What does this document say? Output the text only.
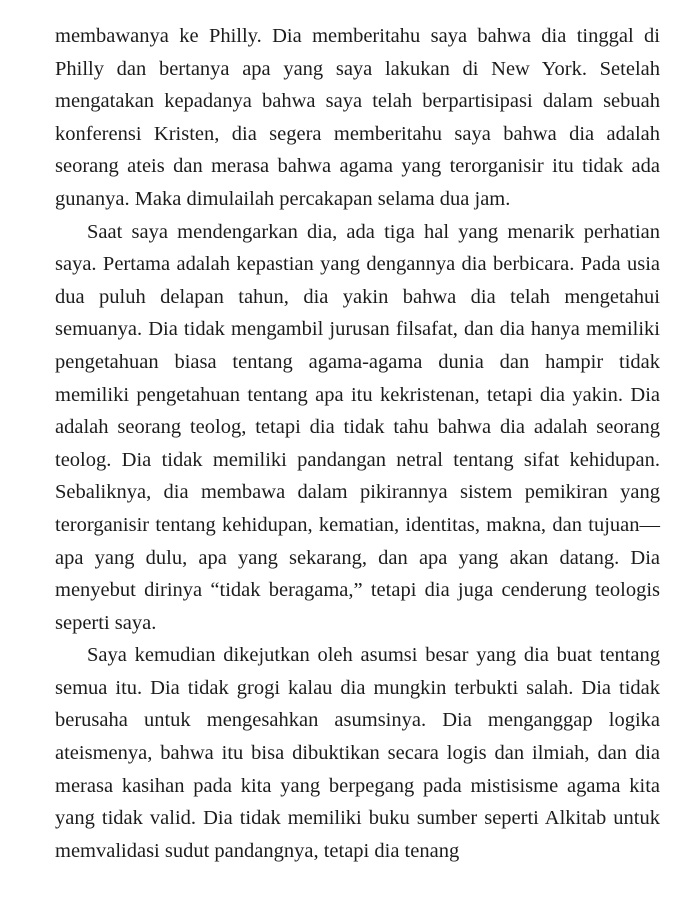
membawanya ke Philly. Dia memberitahu saya bahwa dia tinggal di Philly dan bertanya apa yang saya lakukan di New York. Setelah mengatakan kepadanya bahwa saya telah berpartisipasi dalam sebuah konferensi Kristen, dia segera memberitahu saya bahwa dia adalah seorang ateis dan merasa bahwa agama yang terorganisir itu tidak ada gunanya. Maka dimulailah percakapan selama dua jam.

Saat saya mendengarkan dia, ada tiga hal yang menarik perhatian saya. Pertama adalah kepastian yang dengannya dia berbicara. Pada usia dua puluh delapan tahun, dia yakin bahwa dia telah mengetahui semuanya. Dia tidak mengambil jurusan filsafat, dan dia hanya memiliki pengetahuan biasa tentang agama-agama dunia dan hampir tidak memiliki pengetahuan tentang apa itu kekristenan, tetapi dia yakin. Dia adalah seorang teolog, tetapi dia tidak tahu bahwa dia adalah seorang teolog. Dia tidak memiliki pandangan netral tentang sifat kehidupan. Sebaliknya, dia membawa dalam pikirannya sistem pemikiran yang terorganisir tentang kehidupan, kematian, identitas, makna, dan tujuan—apa yang dulu, apa yang sekarang, dan apa yang akan datang. Dia menyebut dirinya “tidak beragama,” tetapi dia juga cenderung teologis seperti saya.

Saya kemudian dikejutkan oleh asumsi besar yang dia buat tentang semua itu. Dia tidak grogi kalau dia mungkin terbukti salah. Dia tidak berusaha untuk mengesahkan asumsinya. Dia menganggap logika ateismenya, bahwa itu bisa dibuktikan secara logis dan ilmiah, dan dia merasa kasihan pada kita yang berpegang pada mistisisme agama kita yang tidak valid. Dia tidak memiliki buku sumber seperti Alkitab untuk memvalidasi sudut pandangnya, tetapi dia tenang
